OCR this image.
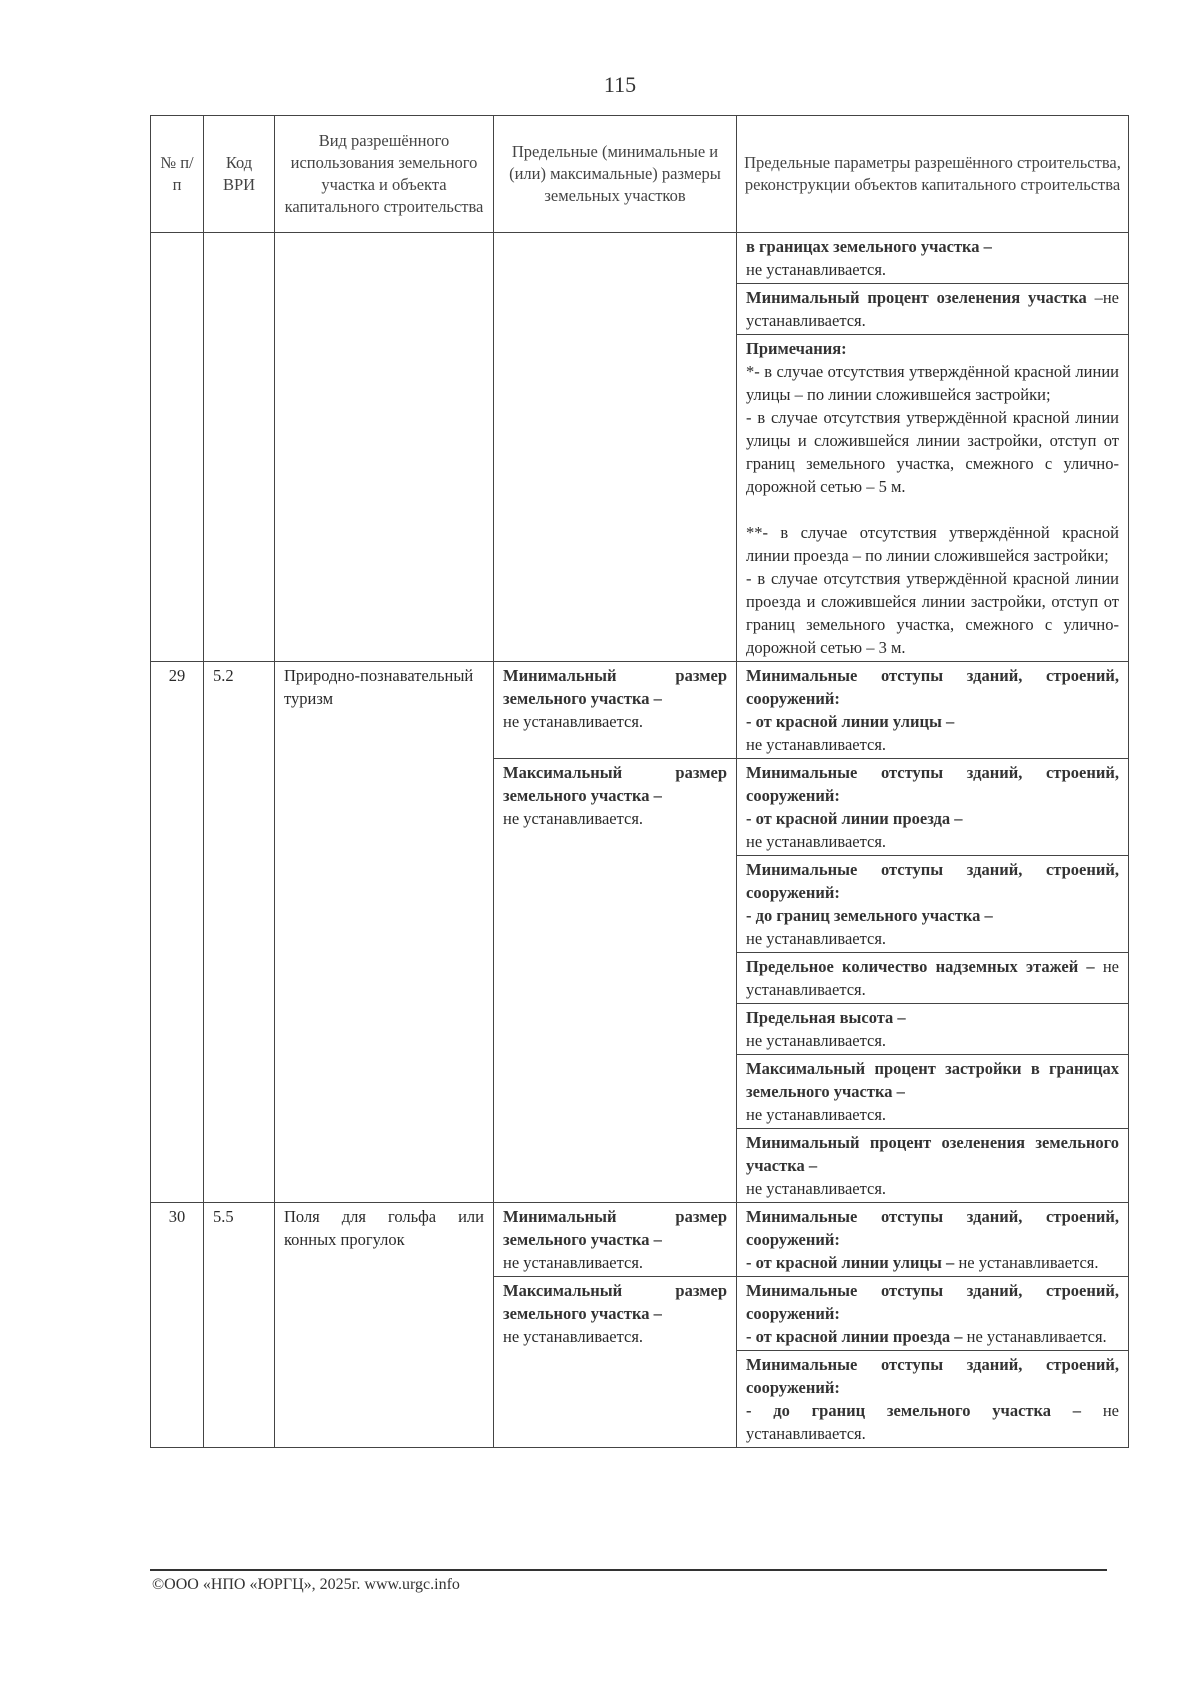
115
№ п/п	Код ВРИ	Вид разрешённого использования земельного участка и объекта капитального строительства	Предельные (минимальные и (или) максимальные) размеры земельных участков	Предельные параметры разрешённого строительства, реконструкции объектов капитального строительства
				в границах земельного участка –
не устанавливается.
				Минимальный процент озеленения участка –не устанавливается.

				Примечания:
*- в случае отсутствия утверждённой красной линии улицы – по линии сложившейся застройки;
- в случае отсутствия утверждённой красной линии улицы и сложившейся линии застройки, отступ от границ земельного участка, смежного с улично-дорожной сетью – 5 м.
**- в случае отсутствия утверждённой красной линии проезда – по линии сложившейся застройки;
- в случае отсутствия утверждённой красной линии проезда и сложившейся линии застройки, отступ от границ земельного участка, смежного с улично-дорожной сетью – 3 м.

29	5.2	Природно-познавательный туризм	Минимальный размер земельного участка –
не устанавливается.	Минимальные отступы зданий, строений, сооружений:
- от красной линии улицы –
не устанавливается.
			Максимальный размер земельного участка –
не устанавливается.	Минимальные отступы зданий, строений, сооружений:
- от красной линии проезда –
не устанавливается.
				Минимальные отступы зданий, строений, сооружений:
- до границ земельного участка –
не устанавливается.
				Предельное количество надземных этажей – не устанавливается.
				Предельная высота –
не устанавливается.
				Максимальный процент застройки в границах земельного участка –
не устанавливается.
				Минимальный процент озеленения земельного участка –
не устанавливается.
30	5.5	Поля для гольфа или конных прогулок	Минимальный размер земельного участка –
не устанавливается.	Минимальные отступы зданий, строений, сооружений:
- от красной линии улицы – не устанавливается.
			Максимальный размер земельного участка –
не устанавливается.	Минимальные отступы зданий, строений, сооружений:
- от красной линии проезда – не устанавливается.
				Минимальные отступы зданий, строений, сооружений:
- до границ земельного участка – не устанавливается.
©ООО «НПО «ЮРГЦ», 2025г. www.urgc.info
